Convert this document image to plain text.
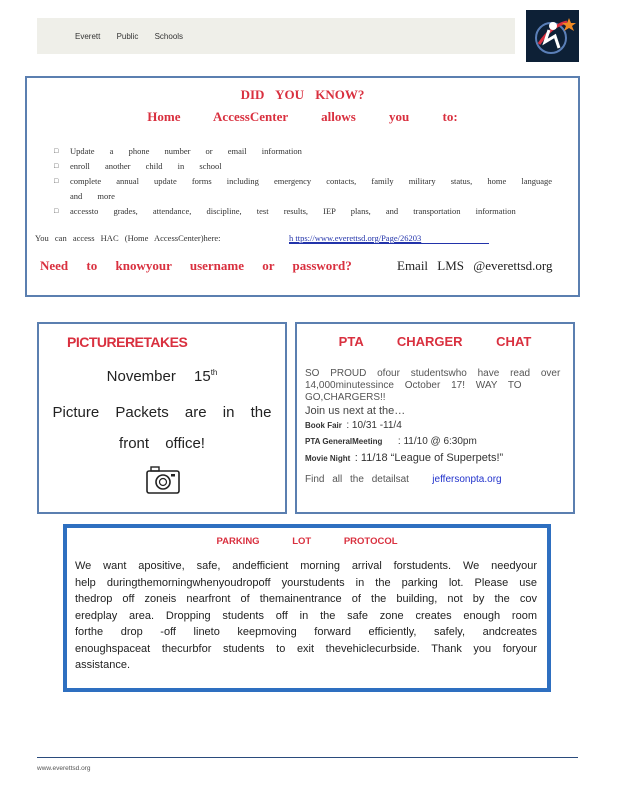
Everett Public Schools
DID YOU KNOW?
Home AccessCenter allows you to:
□ Update a phone number or email information
□ enroll another child in school
□ complete annual update forms including emergency contacts, family military status, home language and more
□ accessto grades, attendance, discipline, test results, IEP plans, and transportation information
You can access HAC (Home AccessCenter)here:	h ttps://www.everettsd.org/Page/26203
Need to knowyour username or password?	Email LMS @everettsd.org
PICTURERETAKES
November 15th
Picture Packets are in the
front office!
PTA CHARGER CHAT
SO PROUD ofour studentswho have read over 14,000minutessince October 17! WAY TO GO,CHARGERS!!
Join us next at the…
Book Fair : 10/31 -11/4
PTA GeneralMeeting : 11/10 @ 6:30pm
Movie Night : 11/18 “League of Superpets!”
Find all the detailsat jeffersonpta.org
PARKING LOT PROTOCOL
We want apositive, safe, andefficient morning arrival forstudents. We needyour help duringthemorningwhenyoudropoff yourstudents in the parking lot. Please use thedrop off zoneis nearfront of themainentrance of the building, not by the cov eredplay area. Dropping students off in the safe zone creates enough room forthe drop -off lineto keepmoving forward efficiently, safely, andcreates enoughspaceat thecurbfor students to exit thevehiclecurbside. Thank you foryour assistance.
www.everettsd.org
